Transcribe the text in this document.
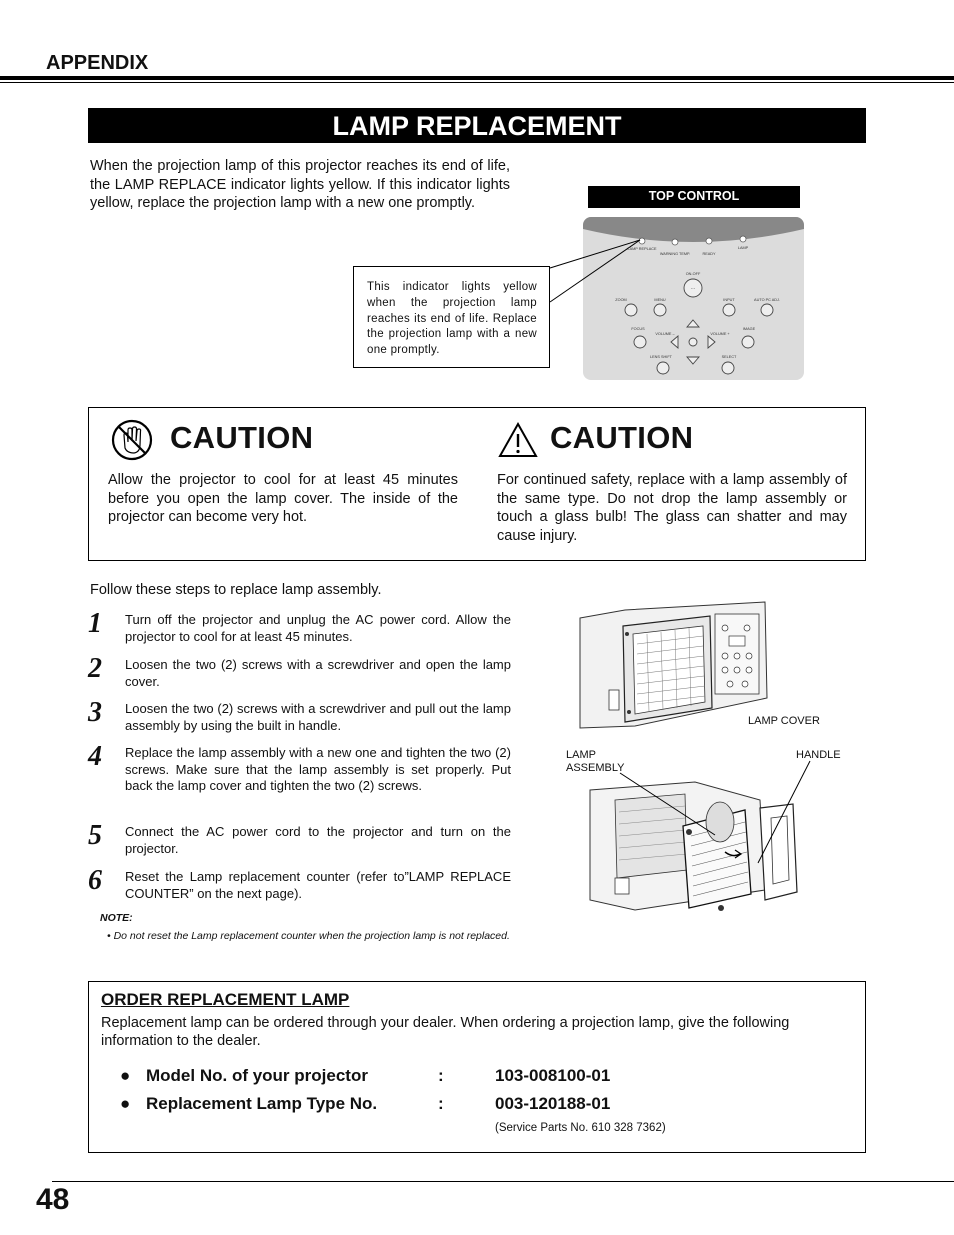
APPENDIX
LAMP REPLACEMENT
When the projection lamp of this projector reaches its end of life, the LAMP REPLACE indicator lights yellow. If this indicator lights yellow, replace the projection lamp with a new one promptly.	TOP CONTROL
LAMP REPLACE
WARNING TEMP.	READY
LAMP
ON-OFF
ZOOM	MENU	INPUT	AUTO PC ADJ.
FOCUS
VOLUME –	VOLUME +
IMAGE
LENS SHIFT	SELECT
···
This indicator lights yellow when the projection lamp reaches its end of life. Replace the projection lamp with a new one promptly.
CAUTION
Allow the projector to cool for at least 45 minutes before you open the lamp cover. The inside of the projector can become very hot.
CAUTION
For continued safety, replace with a lamp assembly of the same type. Do not drop the lamp assembly or touch a glass bulb! The glass can shatter and may cause injury.
Follow these steps to replace lamp assembly.
1 Turn off the projector and unplug the AC power cord. Allow the projector to cool for at least 45 minutes.
2 Loosen the two (2) screws with a screwdriver and open the lamp cover.
3 Loosen the two (2) screws with a screwdriver and pull out the lamp assembly by using the built in handle.
4 Replace the lamp assembly with a new one and tighten the two (2) screws. Make sure that the lamp assembly is set properly. Put back the lamp cover and tighten the two (2) screws.
5 Connect the AC power cord to the projector and turn on the projector.
6 Reset the Lamp replacement counter (refer to”LAMP REPLACE COUNTER” on the next page).
NOTE:
• Do not reset the Lamp replacement counter when the projection lamp is not replaced.
LAMP COVER
LAMP ASSEMBLY
HANDLE
ORDER REPLACEMENT LAMP
Replacement lamp can be ordered through your dealer. When ordering a projection lamp, give the following information to the dealer.
● Model No. of your projector	:	103-008100-01
● Replacement Lamp Type No.	:	003-120188-01
(Service Parts No. 610 328 7362)
48
